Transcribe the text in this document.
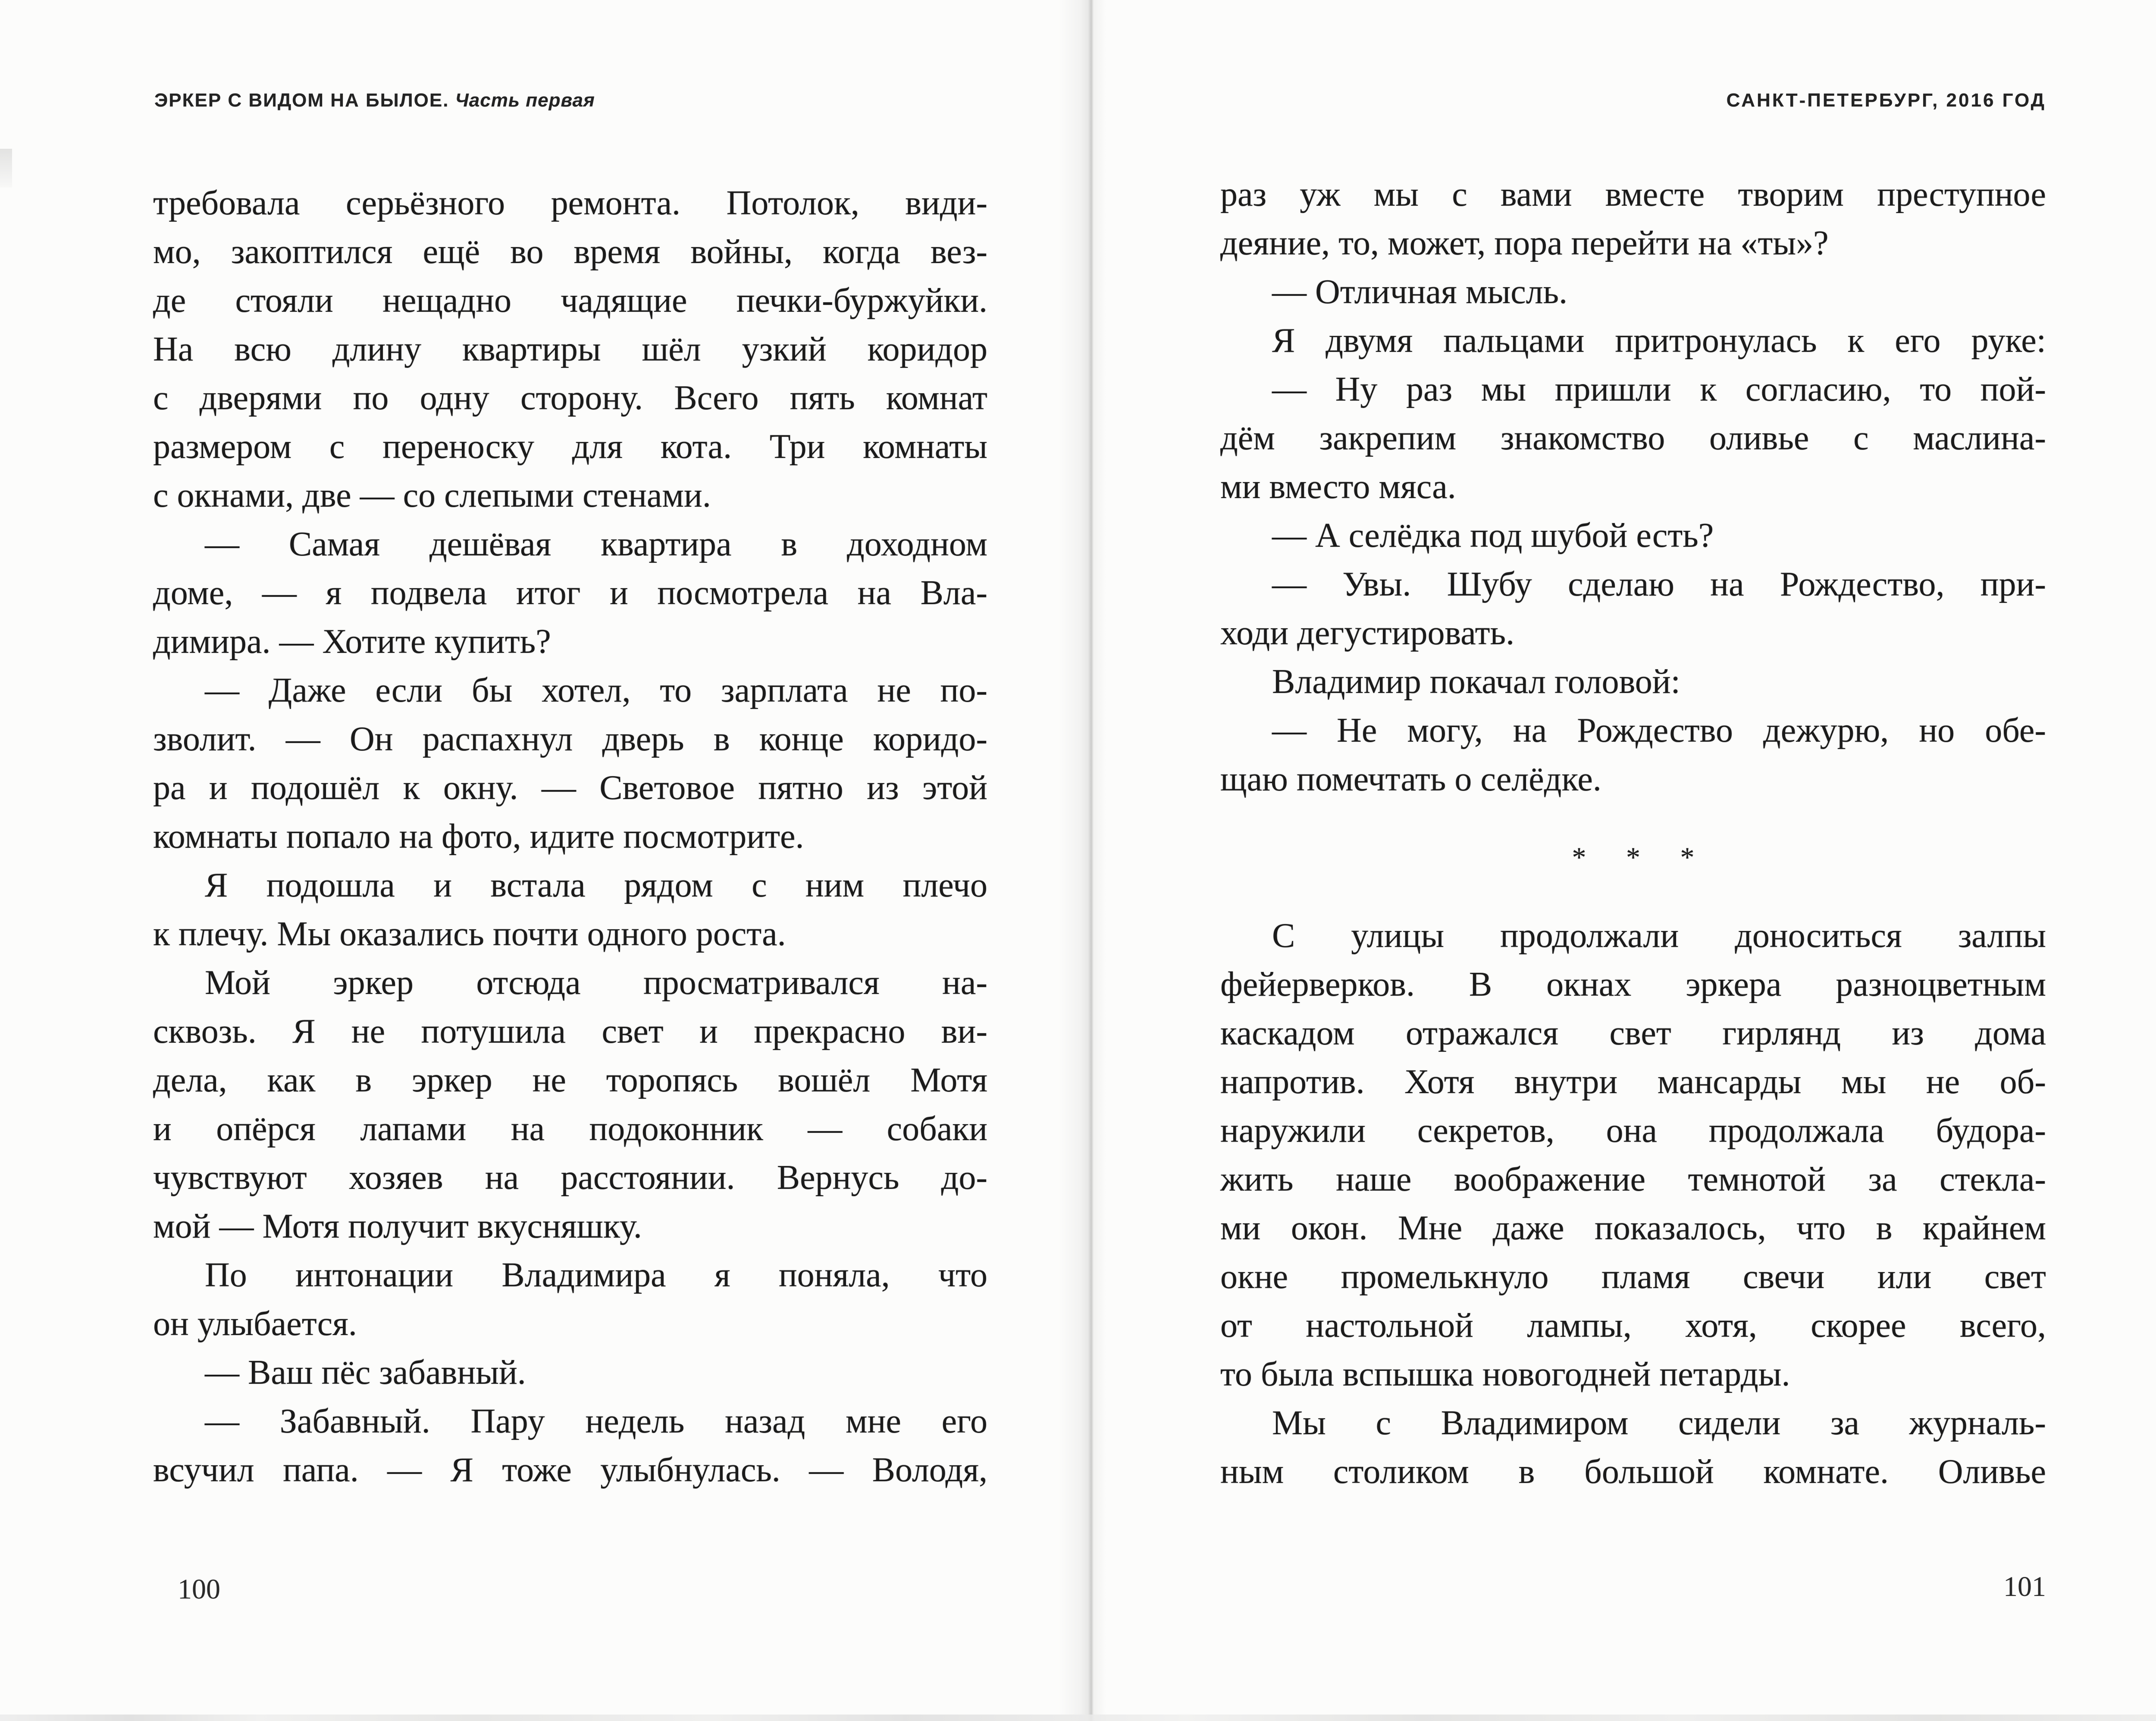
ЭРКЕР С ВИДОМ НА БЫЛОЕ. Часть первая	САНКТ-ПЕТЕРБУРГ, 2016 ГОД
требовала серьёзного ремонта. Потолок, види-
мо, закоптился ещё во время войны, когда вез-
де стояли нещадно чадящие печки-буржуйки.
На всю длину квартиры шёл узкий коридор
с дверями по одну сторону. Всего пять комнат
размером с переноску для кота. Три комнаты
с окнами, две — со слепыми стенами.
— Самая дешёвая квартира в доходном
доме, — я подвела итог и посмотрела на Вла-
димира. — Хотите купить?
— Даже если бы хотел, то зарплата не по-
зволит. — Он распахнул дверь в конце коридо-
ра и подошёл к окну. — Световое пятно из этой
комнаты попало на фото, идите посмотрите.
Я подошла и встала рядом с ним плечо
к плечу. Мы оказались почти одного роста.
Мой эркер отсюда просматривался на-
сквозь. Я не потушила свет и прекрасно ви-
дела, как в эркер не торопясь вошёл Мотя
и опёрся лапами на подоконник — собаки
чувствуют хозяев на расстоянии. Вернусь до-
мой — Мотя получит вкусняшку.
По интонации Владимира я поняла, что
он улыбается.
— Ваш пёс забавный.
— Забавный. Пару недель назад мне его
всучил папа. — Я тоже улыбнулась. — Володя,
раз уж мы с вами вместе творим преступное
деяние, то, может, пора перейти на «ты»?
— Отличная мысль.
Я двумя пальцами притронулась к его руке:
— Ну раз мы пришли к согласию, то пой-
дём закрепим знакомство оливье с маслина-
ми вместо мяса.
— А селёдка под шубой есть?
— Увы. Шубу сделаю на Рождество, при-
ходи дегустировать.
Владимир покачал головой:
— Не могу, на Рождество дежурю, но обе-
щаю помечтать о селёдке.
* * *
С улицы продолжали доноситься залпы
фейерверков. В окнах эркера разноцветным
каскадом отражался свет гирлянд из дома
напротив. Хотя внутри мансарды мы не об-
наружили секретов, она продолжала будора-
жить наше воображение темнотой за стекла-
ми окон. Мне даже показалось, что в крайнем
окне промелькнуло пламя свечи или свет
от настольной лампы, хотя, скорее всего,
то была вспышка новогодней петарды.
Мы с Владимиром сидели за журналь-
ным столиком в большой комнате. Оливье
100	101
